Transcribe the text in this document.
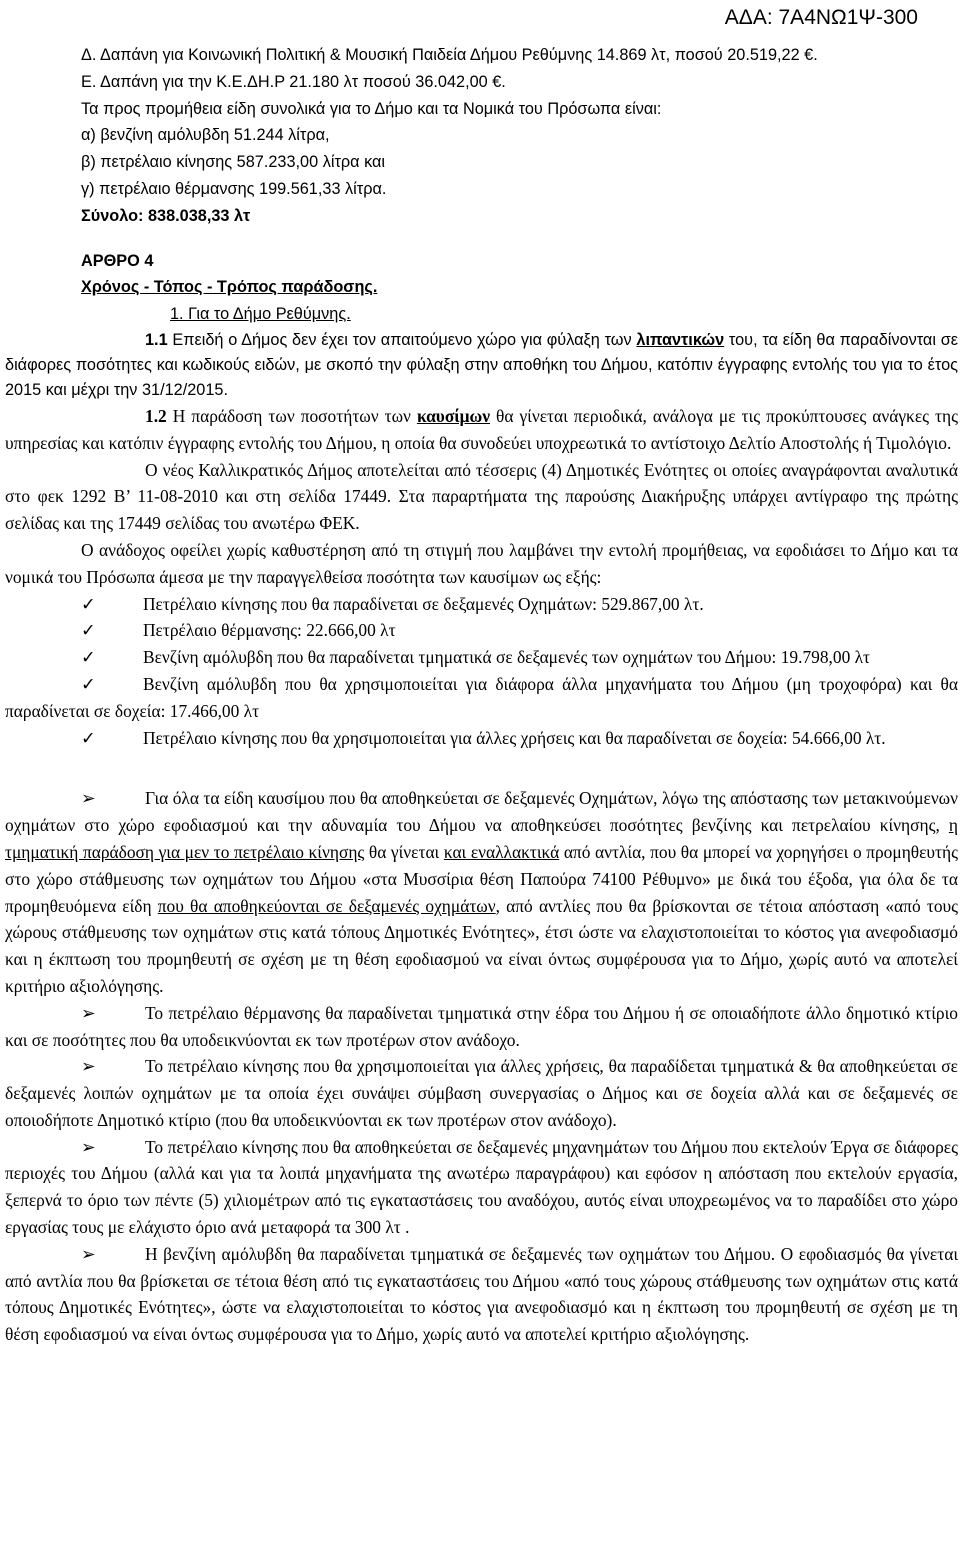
ΑΔΑ: 7Α4ΝΩ1Ψ-300

Δ. Δαπάνη για Κοινωνική Πολιτική & Μουσική Παιδεία Δήμου Ρεθύμνης 14.869 λτ, ποσού 20.519,22 €.

Ε. Δαπάνη για την Κ.Ε.ΔΗ.Ρ 21.180 λτ ποσού 36.042,00 €.

Τα προς προμήθεια είδη συνολικά για το Δήμο και τα Νομικά του Πρόσωπα είναι:

α) βενζίνη αμόλυβδη 51.244 λίτρα,

β) πετρέλαιο κίνησης 587.233,00 λίτρα και

γ) πετρέλαιο θέρμανσης 199.561,33 λίτρα.

Σύνολο: 838.038,33 λτ

ΑΡΘΡΟ 4

Χρόνος - Τόπος - Τρόπος παράδοσης.

1. Για το Δήμο Ρεθύμνης.

1.1 Επειδή ο Δήμος δεν έχει τον απαιτούμενο χώρο για φύλαξη των λιπαντικών του, τα είδη θα παραδίνονται σε διάφορες ποσότητες και κωδικούς ειδών, με σκοπό την φύλαξη στην αποθήκη του Δήμου, κατόπιν έγγραφης εντολής του για το έτος 2015 και μέχρι την 31/12/2015.

1.2 Η παράδοση των ποσοτήτων των καυσίμων θα γίνεται περιοδικά, ανάλογα με τις προκύπτουσες ανάγκες της υπηρεσίας και κατόπιν έγγραφης εντολής του Δήμου, η οποία θα συνοδεύει υποχρεωτικά το αντίστοιχο Δελτίο Αποστολής ή Τιμολόγιο.

Ο νέος Καλλικρατικός Δήμος αποτελείται από τέσσερις (4) Δημοτικές Ενότητες οι οποίες αναγράφονται αναλυτικά στο φεκ 1292 Β’ 11-08-2010 και στη σελίδα 17449. Στα παραρτήματα της παρούσης Διακήρυξης υπάρχει αντίγραφο της πρώτης σελίδας και της 17449 σελίδας του ανωτέρω ΦΕΚ.

Ο ανάδοχος οφείλει χωρίς καθυστέρηση από τη στιγμή που λαμβάνει την εντολή προμήθειας, να εφοδιάσει το Δήμο και τα νομικά του Πρόσωπα άμεσα με την παραγγελθείσα ποσότητα των καυσίμων ως εξής:

✓	Πετρέλαιο κίνησης που θα παραδίνεται σε δεξαμενές Οχημάτων: 529.867,00 λτ.

✓	Πετρέλαιο θέρμανσης: 22.666,00 λτ

✓	Βενζίνη αμόλυβδη που θα παραδίνεται τμηματικά σε δεξαμενές των οχημάτων του Δήμου: 19.798,00 λτ

✓	Βενζίνη αμόλυβδη που θα χρησιμοποιείται για διάφορα άλλα μηχανήματα του Δήμου (μη τροχοφόρα) και θα παραδίνεται σε δοχεία: 17.466,00 λτ

✓	Πετρέλαιο κίνησης που θα χρησιμοποιείται για άλλες χρήσεις και θα παραδίνεται σε δοχεία: 54.666,00 λτ.

➢	Για όλα τα είδη καυσίμου που θα αποθηκεύεται σε δεξαμενές Οχημάτων, λόγω της απόστασης των μετακινούμενων οχημάτων στο χώρο εφοδιασμού και την αδυναμία του Δήμου να αποθηκεύσει ποσότητες βενζίνης και πετρελαίου κίνησης, η τμηματική παράδοση για μεν το πετρέλαιο κίνησης θα γίνεται και εναλλακτικά από αντλία, που θα μπορεί να χορηγήσει ο προμηθευτής στο χώρο στάθμευσης των οχημάτων του Δήμου «στα Μυσσίρια θέση Παπούρα 74100 Ρέθυμνο» με δικά του έξοδα, για όλα δε τα προμηθευόμενα είδη που θα αποθηκεύονται σε δεξαμενές οχημάτων, από αντλίες που θα βρίσκονται σε τέτοια απόσταση «από τους χώρους στάθμευσης των οχημάτων στις κατά τόπους Δημοτικές Ενότητες», έτσι ώστε να ελαχιστοποιείται το κόστος για ανεφοδιασμό και η έκπτωση του προμηθευτή σε σχέση με τη θέση εφοδιασμού να είναι όντως συμφέρουσα για το Δήμο, χωρίς αυτό να αποτελεί κριτήριο αξιολόγησης.

➢	Το πετρέλαιο θέρμανσης θα παραδίνεται τμηματικά στην έδρα του Δήμου ή σε οποιαδήποτε άλλο δημοτικό κτίριο και σε ποσότητες που θα υποδεικνύονται εκ των προτέρων στον ανάδοχο.

➢	Το πετρέλαιο κίνησης που θα χρησιμοποιείται για άλλες χρήσεις, θα παραδίδεται τμηματικά & θα αποθηκεύεται σε δεξαμενές λοιπών οχημάτων με τα οποία έχει συνάψει σύμβαση συνεργασίας ο Δήμος και σε δοχεία αλλά και σε δεξαμενές σε οποιοδήποτε Δημοτικό κτίριο (που θα υποδεικνύονται εκ των προτέρων στον ανάδοχο).

➢	Το πετρέλαιο κίνησης που θα αποθηκεύεται σε δεξαμενές μηχανημάτων του Δήμου που εκτελούν Έργα σε διάφορες περιοχές του Δήμου (αλλά και για τα λοιπά μηχανήματα της ανωτέρω παραγράφου) και εφόσον η απόσταση που εκτελούν εργασία, ξεπερνά το όριο των πέντε (5) χιλιομέτρων από τις εγκαταστάσεις του αναδόχου, αυτός είναι υποχρεωμένος να το παραδίδει στο χώρο εργασίας τους με ελάχιστο όριο ανά μεταφορά τα 300 λτ .

➢	Η βενζίνη αμόλυβδη θα παραδίνεται τμηματικά σε δεξαμενές των οχημάτων του Δήμου. Ο εφοδιασμός θα γίνεται από αντλία που θα βρίσκεται σε τέτοια θέση από τις εγκαταστάσεις του Δήμου «από τους χώρους στάθμευσης των οχημάτων στις κατά τόπους Δημοτικές Ενότητες», ώστε να ελαχιστοποιείται το κόστος για ανεφοδιασμό και η έκπτωση του προμηθευτή σε σχέση με τη θέση εφοδιασμού να είναι όντως συμφέρουσα για το Δήμο, χωρίς αυτό να αποτελεί κριτήριο αξιολόγησης.
